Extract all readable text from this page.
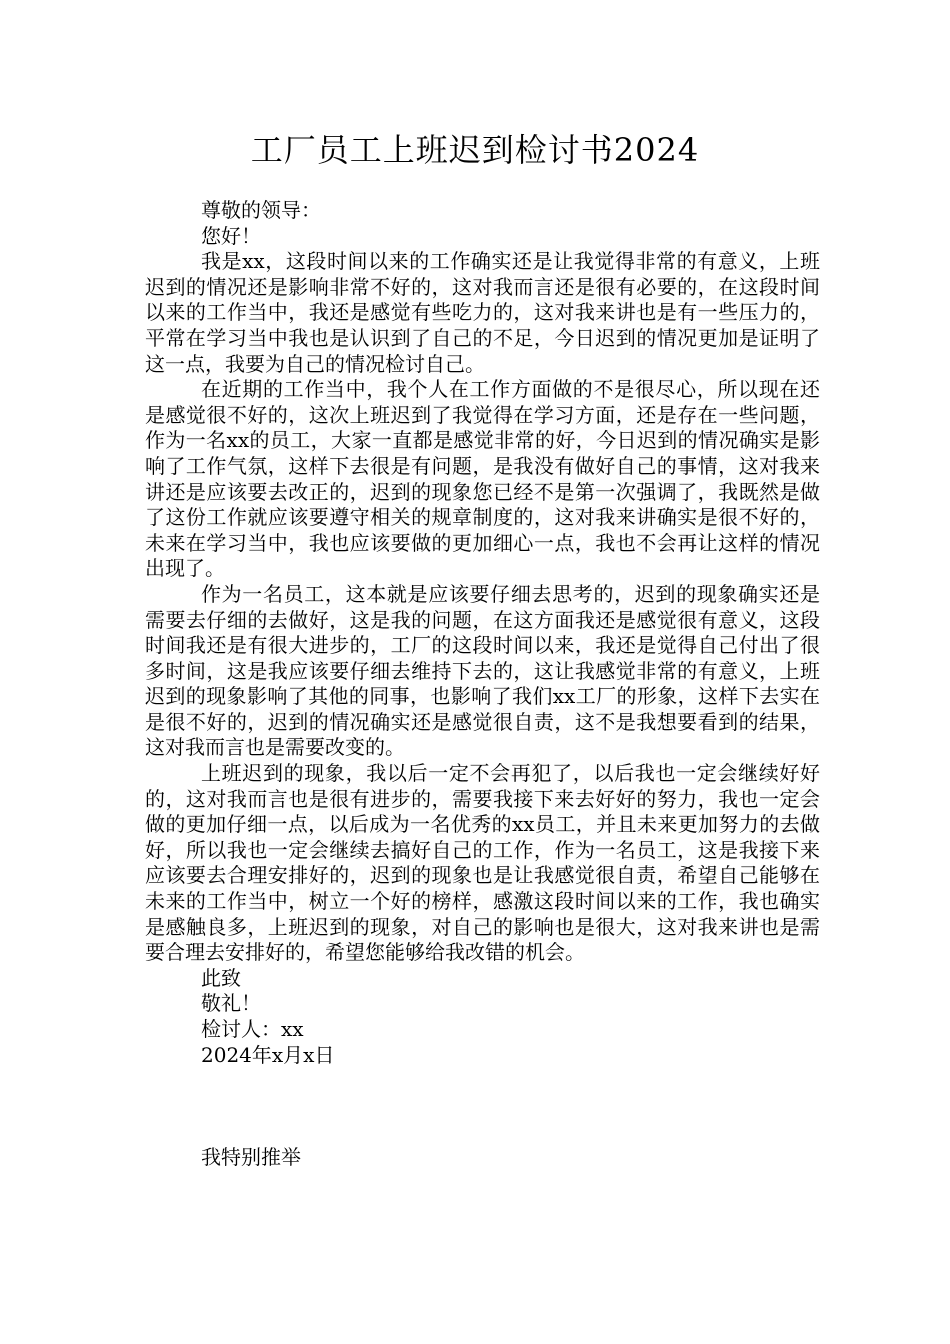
工厂员工上班迟到检讨书2024

尊敬的领导：

您好！

我是xx，这段时间以来的工作确实还是让我觉得非常的有意义，上班迟到的情况还是影响非常不好的，这对我而言还是很有必要的，在这段时间以来的工作当中，我还是感觉有些吃力的，这对我来讲也是有一些压力的，平常在学习当中我也是认识到了自己的不足，今日迟到的情况更加是证明了这一点，我要为自己的情况检讨自己。

在近期的工作当中，我个人在工作方面做的不是很尽心，所以现在还是感觉很不好的，这次上班迟到了我觉得在学习方面，还是存在一些问题，作为一名xx的员工，大家一直都是感觉非常的好，今日迟到的情况确实是影响了工作气氛，这样下去很是有问题，是我没有做好自己的事情，这对我来讲还是应该要去改正的，迟到的现象您已经不是第一次强调了，我既然是做了这份工作就应该要遵守相关的规章制度的，这对我来讲确实是很不好的，未来在学习当中，我也应该要做的更加细心一点，我也不会再让这样的情况出现了。

作为一名员工，这本就是应该要仔细去思考的，迟到的现象确实还是需要去仔细的去做好，这是我的问题，在这方面我还是感觉很有意义，这段时间我还是有很大进步的，工厂的这段时间以来，我还是觉得自己付出了很多时间，这是我应该要仔细去维持下去的，这让我感觉非常的有意义，上班迟到的现象影响了其他的同事，也影响了我们xx工厂的形象，这样下去实在是很不好的，迟到的情况确实还是感觉很自责，这不是我想要看到的结果，这对我而言也是需要改变的。

上班迟到的现象，我以后一定不会再犯了，以后我也一定会继续好好的，这对我而言也是很有进步的，需要我接下来去好好的努力，我也一定会做的更加仔细一点，以后成为一名优秀的xx员工，并且未来更加努力的去做好，所以我也一定会继续去搞好自己的工作，作为一名员工，这是我接下来应该要去合理安排好的，迟到的现象也是让我感觉很自责，希望自己能够在未来的工作当中，树立一个好的榜样，感激这段时间以来的工作，我也确实是感触良多，上班迟到的现象，对自己的影响也是很大，这对我来讲也是需要合理去安排好的，希望您能够给我改错的机会。

此致

敬礼！

检讨人：xx

2024年x月x日

我特别推举
